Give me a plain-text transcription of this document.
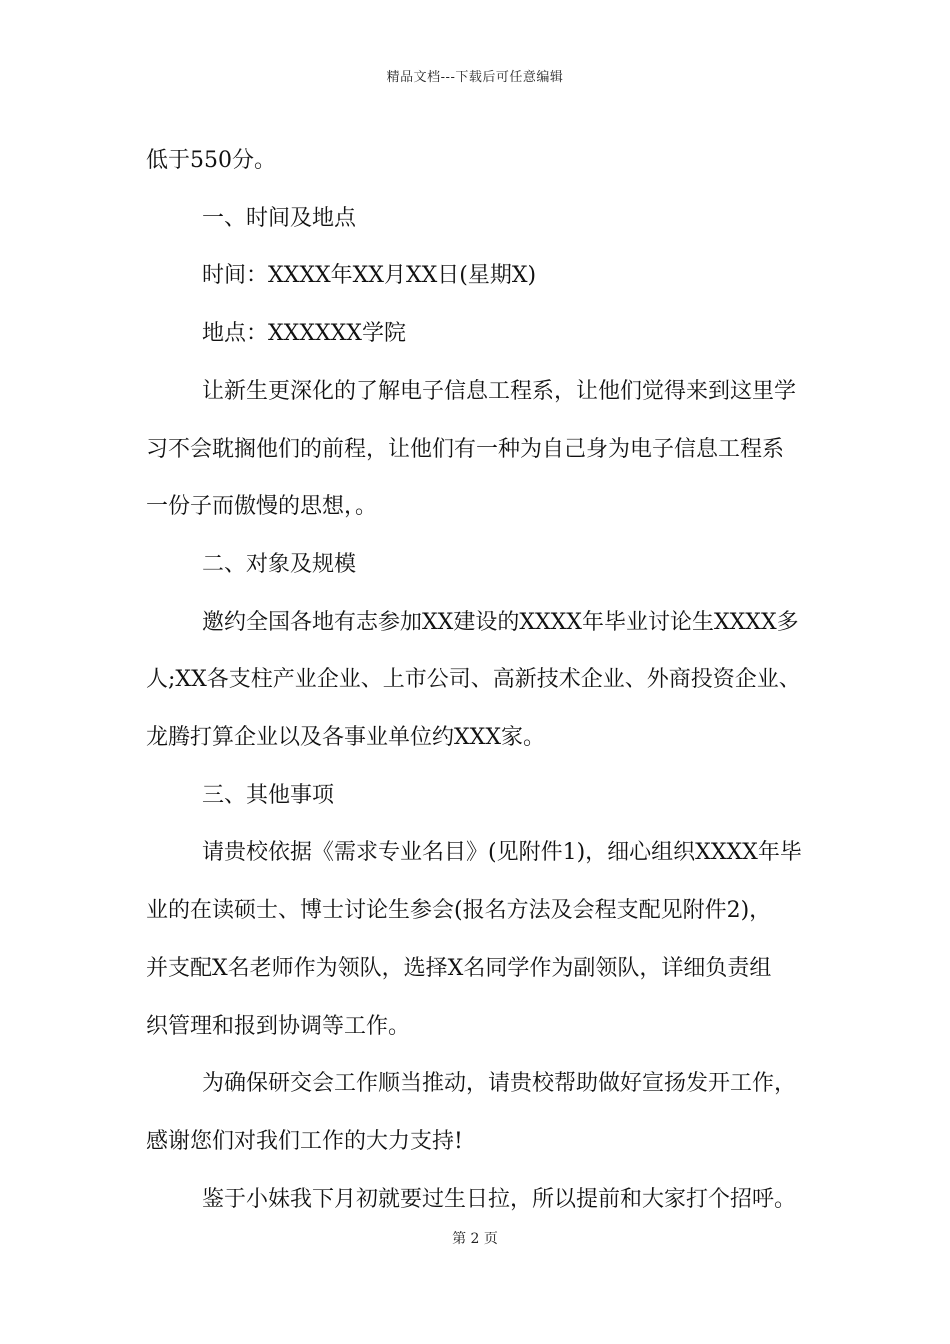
精品文档---下载后可任意编辑

低于550分。

一、时间及地点

时间：XXXX年XX月XX日(星期X)

地点：XXXXXX学院

让新生更深化的了解电子信息工程系，让他们觉得来到这里学

习不会耽搁他们的前程，让他们有一种为自己身为电子信息工程系

一份子而傲慢的思想，。

二、对象及规模

邀约全国各地有志参加XX建设的XXXX年毕业讨论生XXXX多

人;XX各支柱产业企业、上市公司、高新技术企业、外商投资企业、

龙腾打算企业以及各事业单位约XXX家。

三、其他事项

请贵校依据《需求专业名目》(见附件1)，细心组织XXXX年毕

业的在读硕士、博士讨论生参会(报名方法及会程支配见附件2)，

并支配X名老师作为领队，选择X名同学作为副领队，详细负责组

织管理和报到协调等工作。

为确保研交会工作顺当推动，请贵校帮助做好宣扬发开工作，

感谢您们对我们工作的大力支持!

鉴于小妹我下月初就要过生日拉，所以提前和大家打个招呼。

第 2 页
